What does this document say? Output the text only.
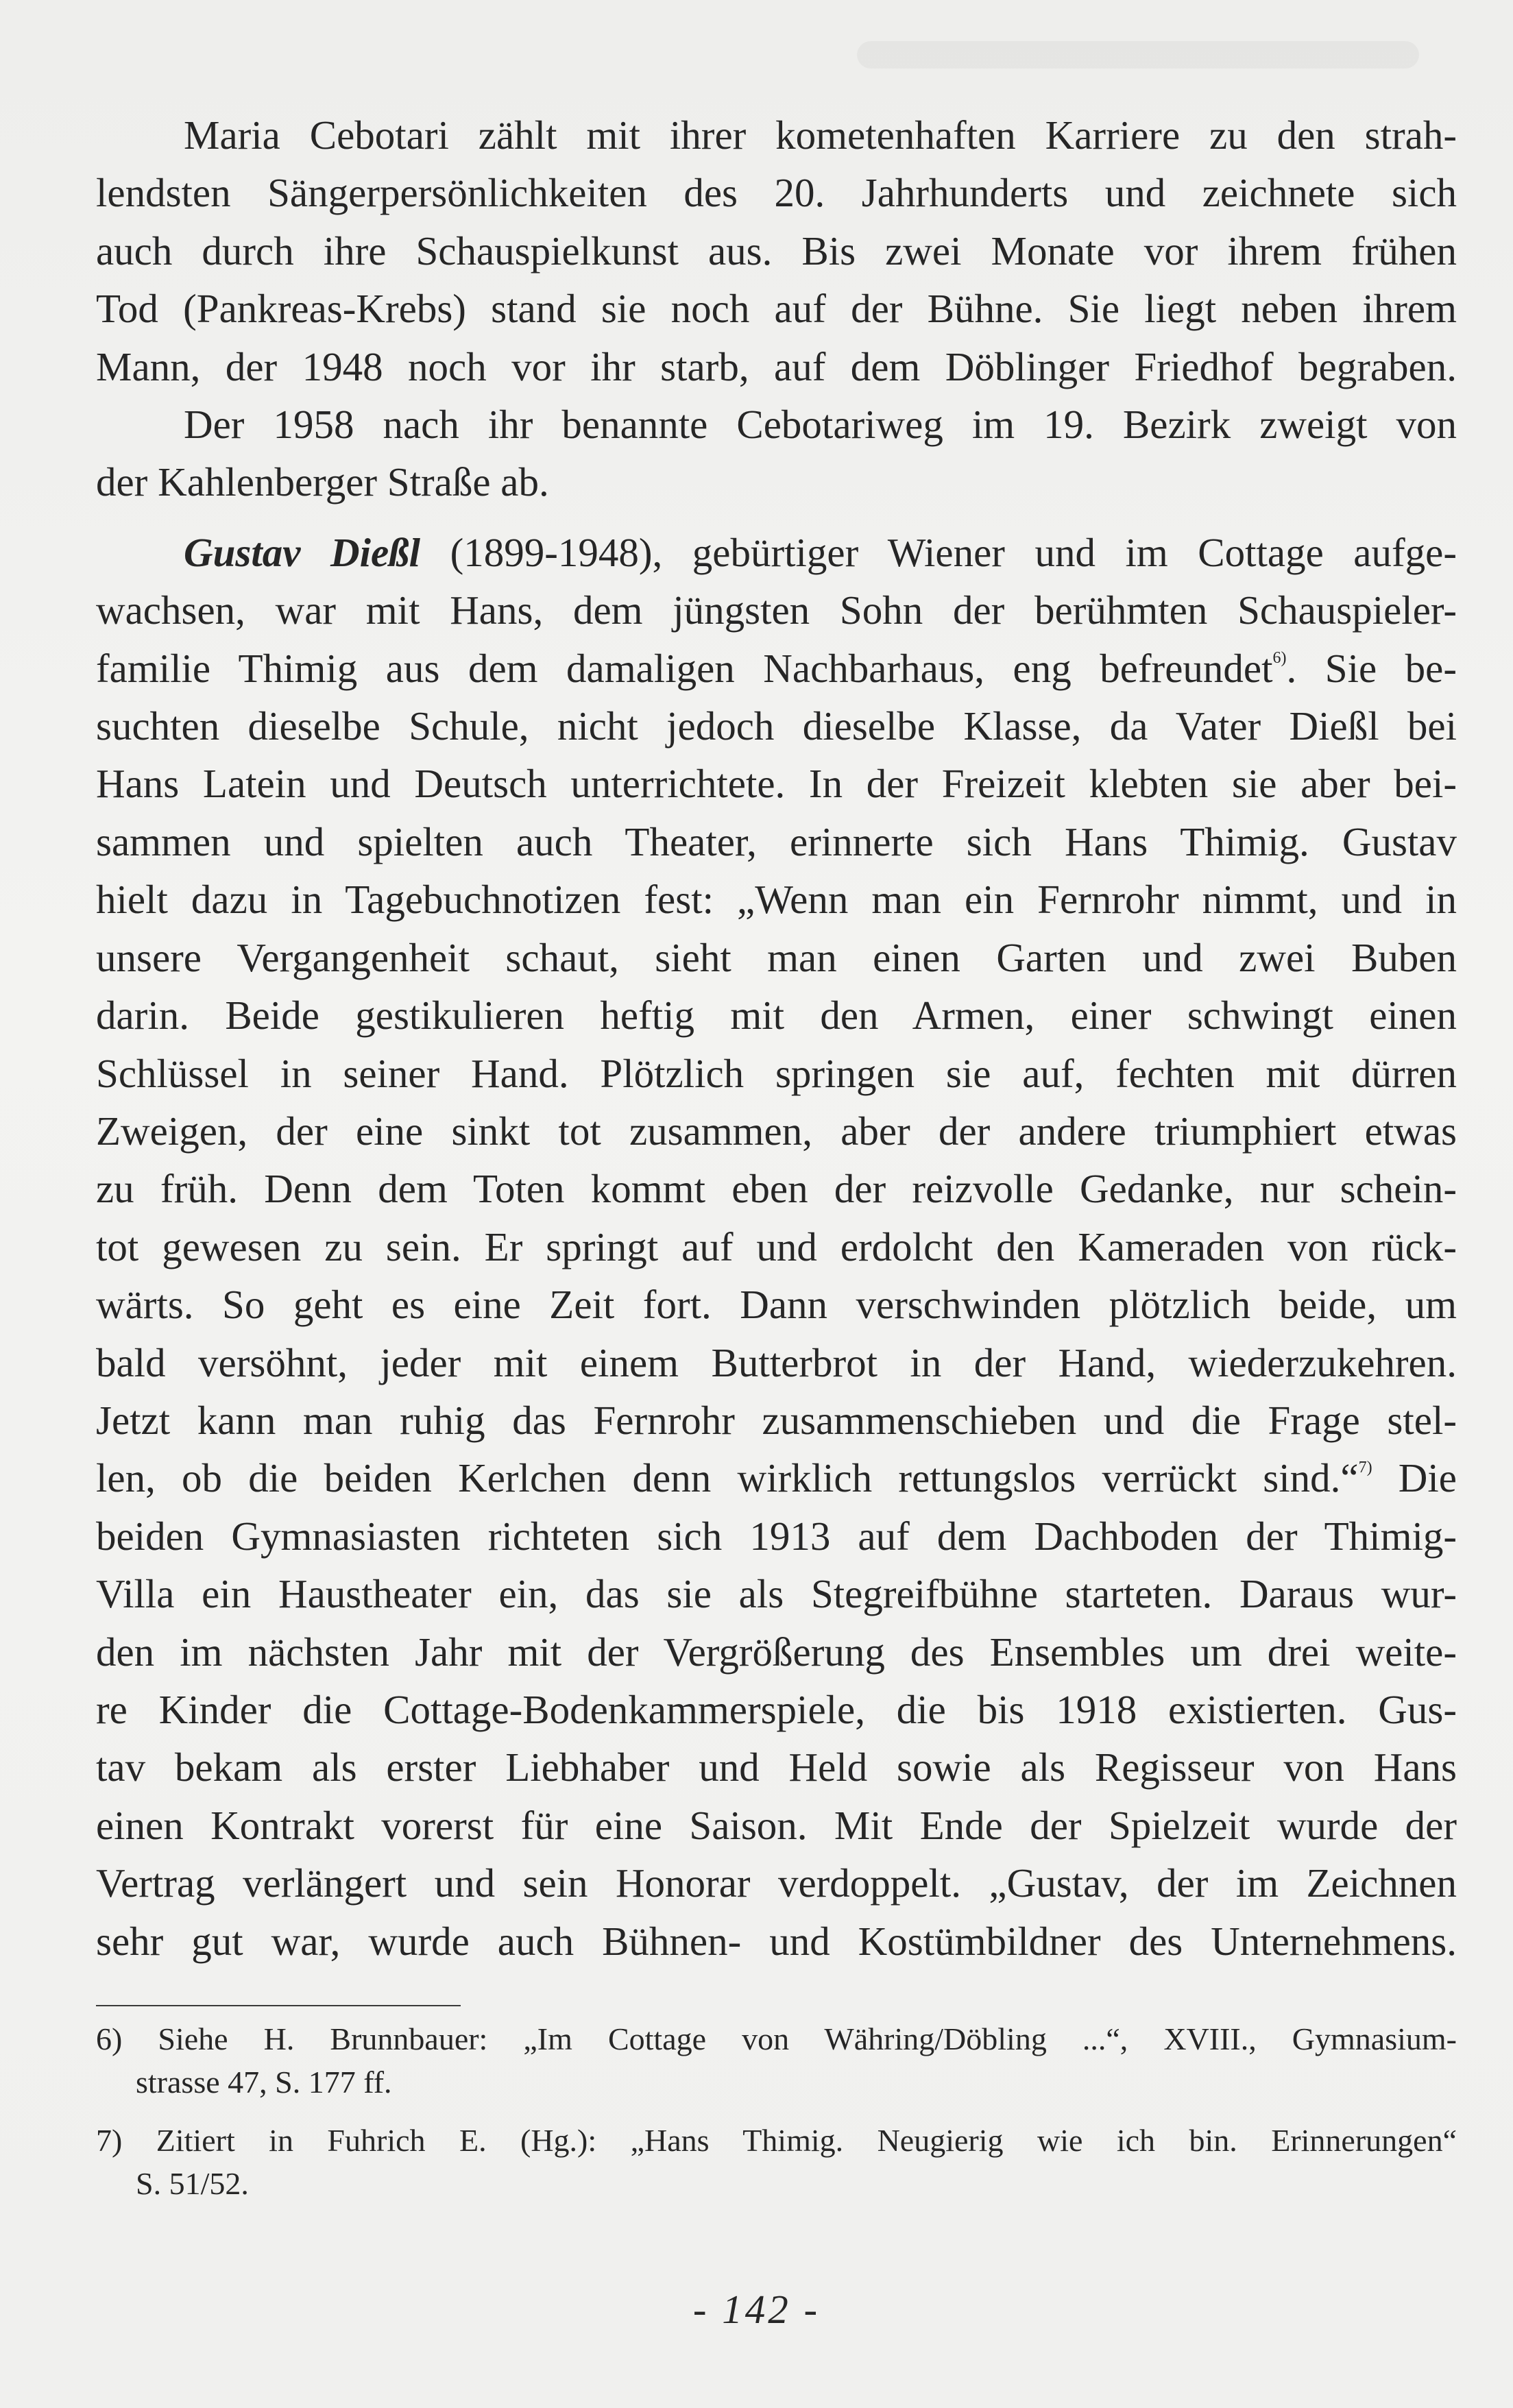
Maria Cebotari zählt mit ihrer kometenhaften Karriere zu den strah-
lendsten Sängerpersönlichkeiten des 20. Jahrhunderts und zeichnete sich
auch durch ihre Schauspielkunst aus. Bis zwei Monate vor ihrem frühen
Tod (Pankreas-Krebs) stand sie noch auf der Bühne. Sie liegt neben ihrem
Mann, der 1948 noch vor ihr starb, auf dem Döblinger Friedhof begraben.
Der 1958 nach ihr benannte Cebotariweg im 19. Bezirk zweigt von
der Kahlenberger Straße ab.
Gustav Dießl (1899-1948), gebürtiger Wiener und im Cottage aufge-
wachsen, war mit Hans, dem jüngsten Sohn der berühmten Schauspieler-
familie Thimig aus dem damaligen Nachbarhaus, eng befreundet$^{6)}$. Sie be-
suchten dieselbe Schule, nicht jedoch dieselbe Klasse, da Vater Dießl bei
Hans Latein und Deutsch unterrichtete. In der Freizeit klebten sie aber bei-
sammen und spielten auch Theater, erinnerte sich Hans Thimig. Gustav
hielt dazu in Tagebuchnotizen fest: „Wenn man ein Fernrohr nimmt, und in
unsere Vergangenheit schaut, sieht man einen Garten und zwei Buben
darin. Beide gestikulieren heftig mit den Armen, einer schwingt einen
Schlüssel in seiner Hand. Plötzlich springen sie auf, fechten mit dürren
Zweigen, der eine sinkt tot zusammen, aber der andere triumphiert etwas
zu früh. Denn dem Toten kommt eben der reizvolle Gedanke, nur schein-
tot gewesen zu sein. Er springt auf und erdolcht den Kameraden von rück-
wärts. So geht es eine Zeit fort. Dann verschwinden plötzlich beide, um
bald versöhnt, jeder mit einem Butterbrot in der Hand, wiederzukehren.
Jetzt kann man ruhig das Fernrohr zusammenschieben und die Frage stel-
len, ob die beiden Kerlchen denn wirklich rettungslos verrückt sind.“$^{7)}$ Die
beiden Gymnasiasten richteten sich 1913 auf dem Dachboden der Thimig-
Villa ein Haustheater ein, das sie als Stegreifbühne starteten. Daraus wur-
den im nächsten Jahr mit der Vergrößerung des Ensembles um drei weite-
re Kinder die Cottage-Bodenkammerspiele, die bis 1918 existierten. Gus-
tav bekam als erster Liebhaber und Held sowie als Regisseur von Hans
einen Kontrakt vorerst für eine Saison. Mit Ende der Spielzeit wurde der
Vertrag verlängert und sein Honorar verdoppelt. „Gustav, der im Zeichnen
sehr gut war, wurde auch Bühnen- und Kostümbildner des Unternehmens.
6) Siehe H. Brunnbauer: „Im Cottage von Währing/Döbling ...“, XVIII., Gymnasium-
strasse 47, S. 177 ff.
7) Zitiert in Fuhrich E. (Hg.): „Hans Thimig. Neugierig wie ich bin. Erinnerungen“
S. 51/52.
- 142 -
